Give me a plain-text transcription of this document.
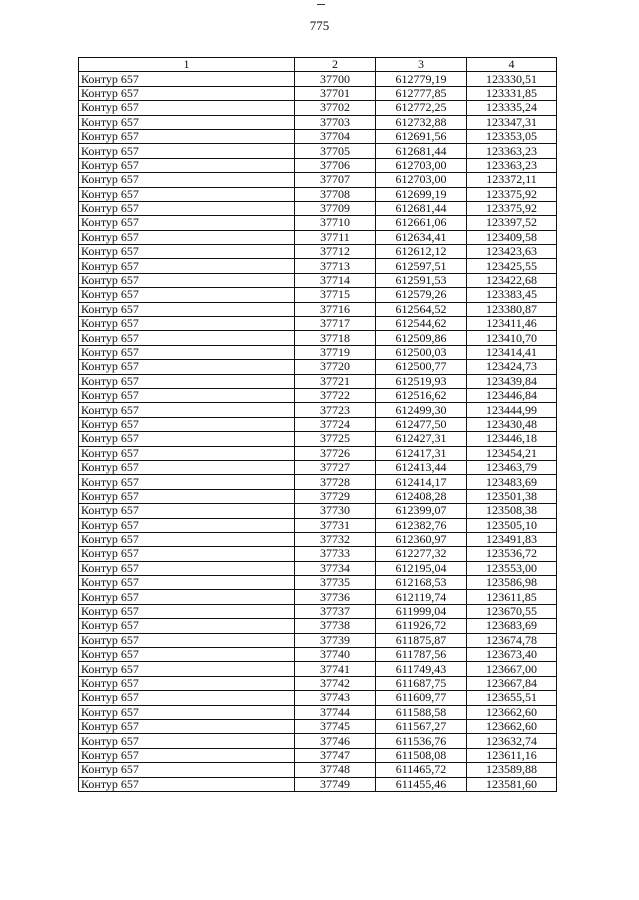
775
1	2	3	4
Контур 657	37700	612779,19	123330,51
Контур 657	37701	612777,85	123331,85
Контур 657	37702	612772,25	123335,24
Контур 657	37703	612732,88	123347,31
Контур 657	37704	612691,56	123353,05
Контур 657	37705	612681,44	123363,23
Контур 657	37706	612703,00	123363,23
Контур 657	37707	612703,00	123372,11
Контур 657	37708	612699,19	123375,92
Контур 657	37709	612681,44	123375,92
Контур 657	37710	612661,06	123397,52
Контур 657	37711	612634,41	123409,58
Контур 657	37712	612612,12	123423,63
Контур 657	37713	612597,51	123425,55
Контур 657	37714	612591,53	123422,68
Контур 657	37715	612579,26	123383,45
Контур 657	37716	612564,52	123380,87
Контур 657	37717	612544,62	123411,46
Контур 657	37718	612509,86	123410,70
Контур 657	37719	612500,03	123414,41
Контур 657	37720	612500,77	123424,73
Контур 657	37721	612519,93	123439,84
Контур 657	37722	612516,62	123446,84
Контур 657	37723	612499,30	123444,99
Контур 657	37724	612477,50	123430,48
Контур 657	37725	612427,31	123446,18
Контур 657	37726	612417,31	123454,21
Контур 657	37727	612413,44	123463,79
Контур 657	37728	612414,17	123483,69
Контур 657	37729	612408,28	123501,38
Контур 657	37730	612399,07	123508,38
Контур 657	37731	612382,76	123505,10
Контур 657	37732	612360,97	123491,83
Контур 657	37733	612277,32	123536,72
Контур 657	37734	612195,04	123553,00
Контур 657	37735	612168,53	123586,98
Контур 657	37736	612119,74	123611,85
Контур 657	37737	611999,04	123670,55
Контур 657	37738	611926,72	123683,69
Контур 657	37739	611875,87	123674,78
Контур 657	37740	611787,56	123673,40
Контур 657	37741	611749,43	123667,00
Контур 657	37742	611687,75	123667,84
Контур 657	37743	611609,77	123655,51
Контур 657	37744	611588,58	123662,60
Контур 657	37745	611567,27	123662,60
Контур 657	37746	611536,76	123632,74
Контур 657	37747	611508,08	123611,16
Контур 657	37748	611465,72	123589,88
Контур 657	37749	611455,46	123581,60
